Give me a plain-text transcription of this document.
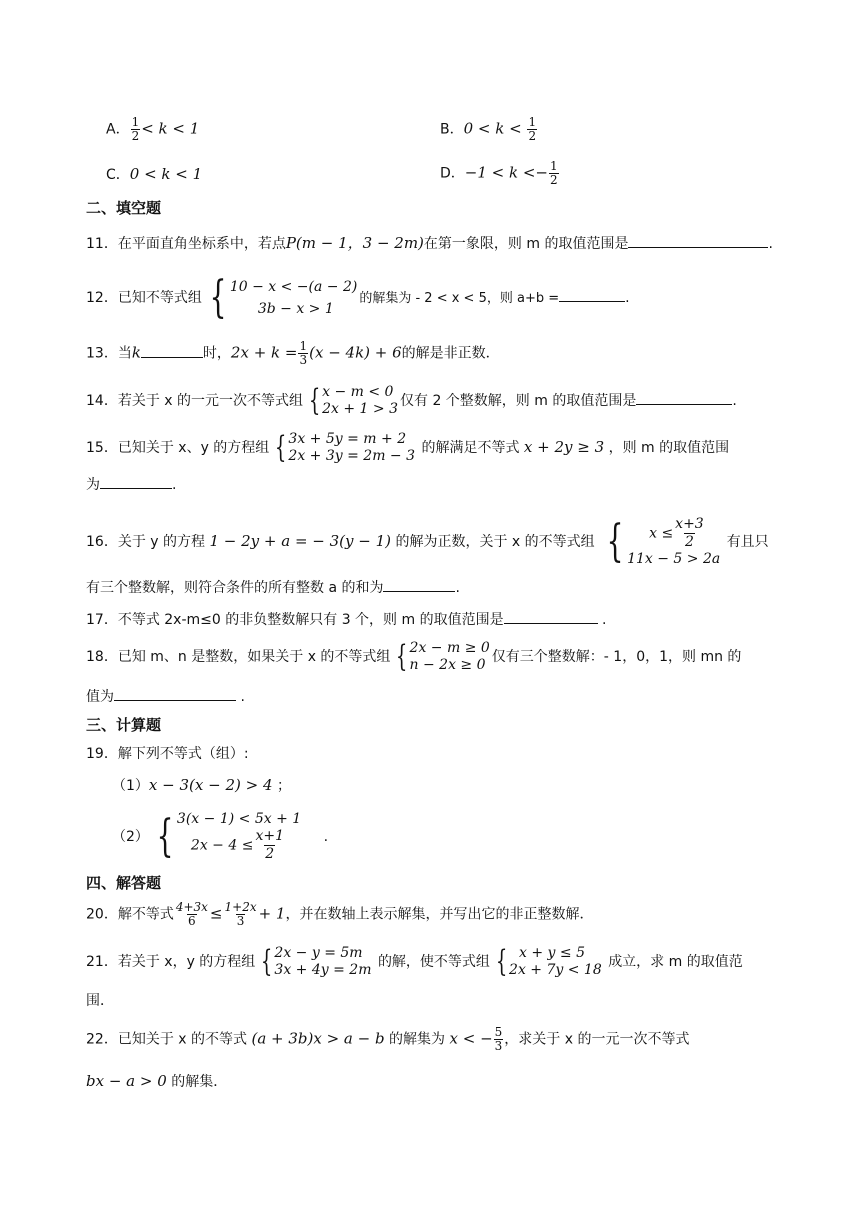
A． $\frac{1}{2} < k < 1$	B．$0 < k < \frac{1}{2}$
C．0 < k < 1	D．$-1 < k <- \frac{1}{2}$
二、填空题
11．在平面直角坐标系中，若点P(m − 1，3 − 2m)在第一象限，则 m 的取值范围是	.
12．已知不等式组 { 10 − x < −(a − 2)
3b − x > 1
的解集为 ‐ 2 < x < 5，则 a+b =	.
13．当k	时，$2x + k = \frac{1}{3} (x - 4k) + 6$的解是非正数．
14．若关于 x 的一元一次不等式组 { x − m < 0
2x + 1 > 3 仅有 2 个整数解，则 m 的取值范围是	.
15．已知关于 x、y 的方程组 { 3x + 5y = m + 2
2x + 3y = 2m − 3 的解满足不等式 x + 2y ≥ 3 ，则 m 的取值范围
为	.
16．关于 y 的方程 1 − 2y + a = − 3(y − 1) 的解为正数，关于 x 的不等式组 {	$x \le \frac{x+3}{2}$
11x − 5 > 2a
有且只
有三个整数解，则符合条件的所有整数 a 的和为	.
17．不等式 2x-m≤0 的非负整数解只有 3 个，则 m 的取值范围是	.
18．已知 m、n 是整数，如果关于 x 的不等式组 { 2x − m ≥ 0
n − 2x ≥ 0 仅有三个整数解：‐ 1，0，1，则 mn 的
值为	.
三、计算题
19．解下列不等式（组）:
（1）x − 3(x − 2) > 4 ；
（2） { 3(x − 1) < 5x + 1
$2x - 4 \le \frac{x+1}{2}$	.
四、解答题
20．解不等式 $\frac{4+3x}{6} \le \frac{1+2x}{3} + 1$，并在数轴上表示解集，并写出它的非正整数解．
21．若关于 x，y 的方程组 { 2x − y = 5m
3x + 4y = 2m 的解，使不等式组 { x + y ≤ 5
2x + 7y < 18 成立，求 m 的取值范
围．
22．已知关于 x 的不等式 (a + 3b)x > a − b 的解集为 x < − $\frac{5}{3}$ ，求关于 x 的一元一次不等式
bx − a > 0 的解集．
